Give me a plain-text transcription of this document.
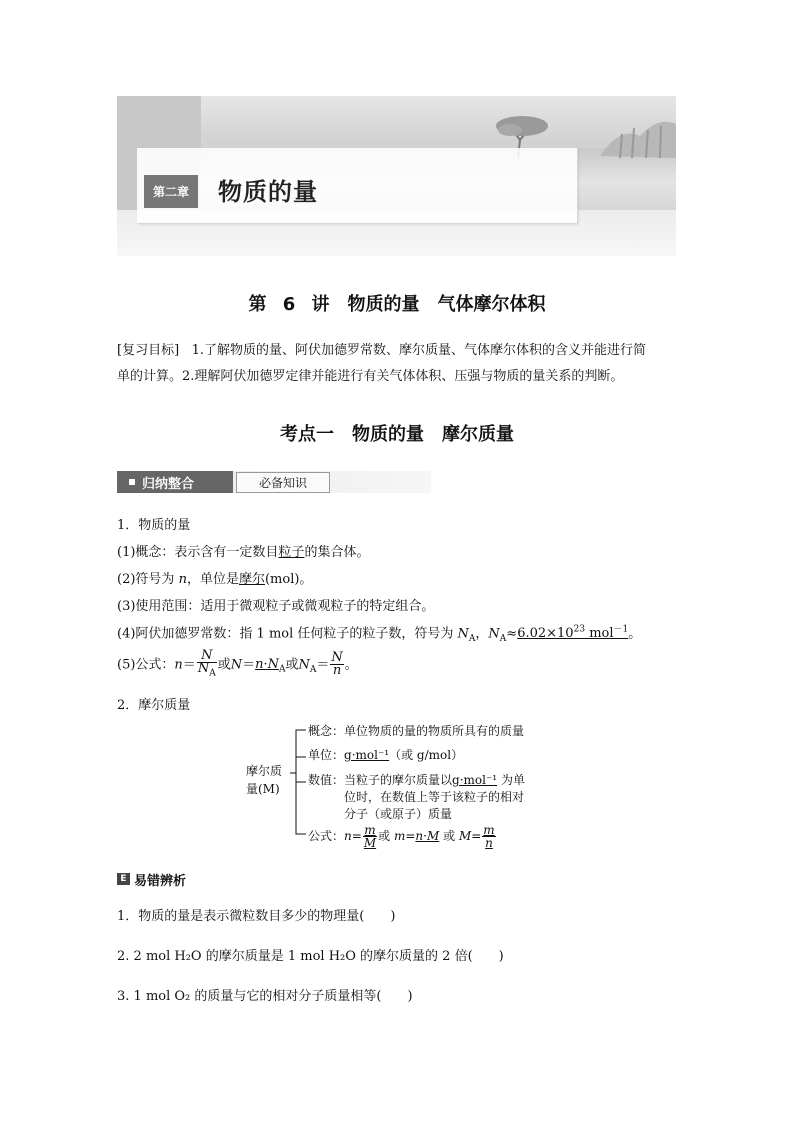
第二章	物质的量
第 6 讲　物质的量　气体摩尔体积
[复习目标] 1.了解物质的量、阿伏加德罗常数、摩尔质量、气体摩尔体积的含义并能进行简
单的计算。2.理解阿伏加德罗定律并能进行有关气体体积、压强与物质的量关系的判断。
考点一　物质的量　摩尔质量
归纳整合	必备知识
1．物质的量
(1)概念：表示含有一定数目粒子的集合体。
(2)符号为 n，单位是摩尔(mol)。
(3)使用范围：适用于微观粒子或微观粒子的特定组合。
(4)阿伏加德罗常数：指 1 mol 任何粒子的粒子数，符号为 $N_A$，$N_A\approx 6.02\times 10^{23}$ mol$^{-1}$。
(5)公式：$n= \frac{N}{N_A}$ 或$N=n\cdot N_A$或$N_A= \frac{N}{n}$ 。
2．摩尔质量
摩尔质
量(M)
概念：单位物质的量的物质所具有的质量
单位：g·mol⁻¹（或 g/mol）
数值：当粒子的摩尔质量以g·mol⁻¹ 为单
位时，在数值上等于该粒子的相对
分子（或原子）质量
公式：$n= \frac{m}{M}$ 或 m=n·M 或 $M= \frac{m}{n}$
E 易错辨析
1．物质的量是表示微粒数目多少的物理量(　　)
2. 2 mol H₂O 的摩尔质量是 1 mol H₂O 的摩尔质量的 2 倍(　　)
3. 1 mol O₂ 的质量与它的相对分子质量相等(　　)
